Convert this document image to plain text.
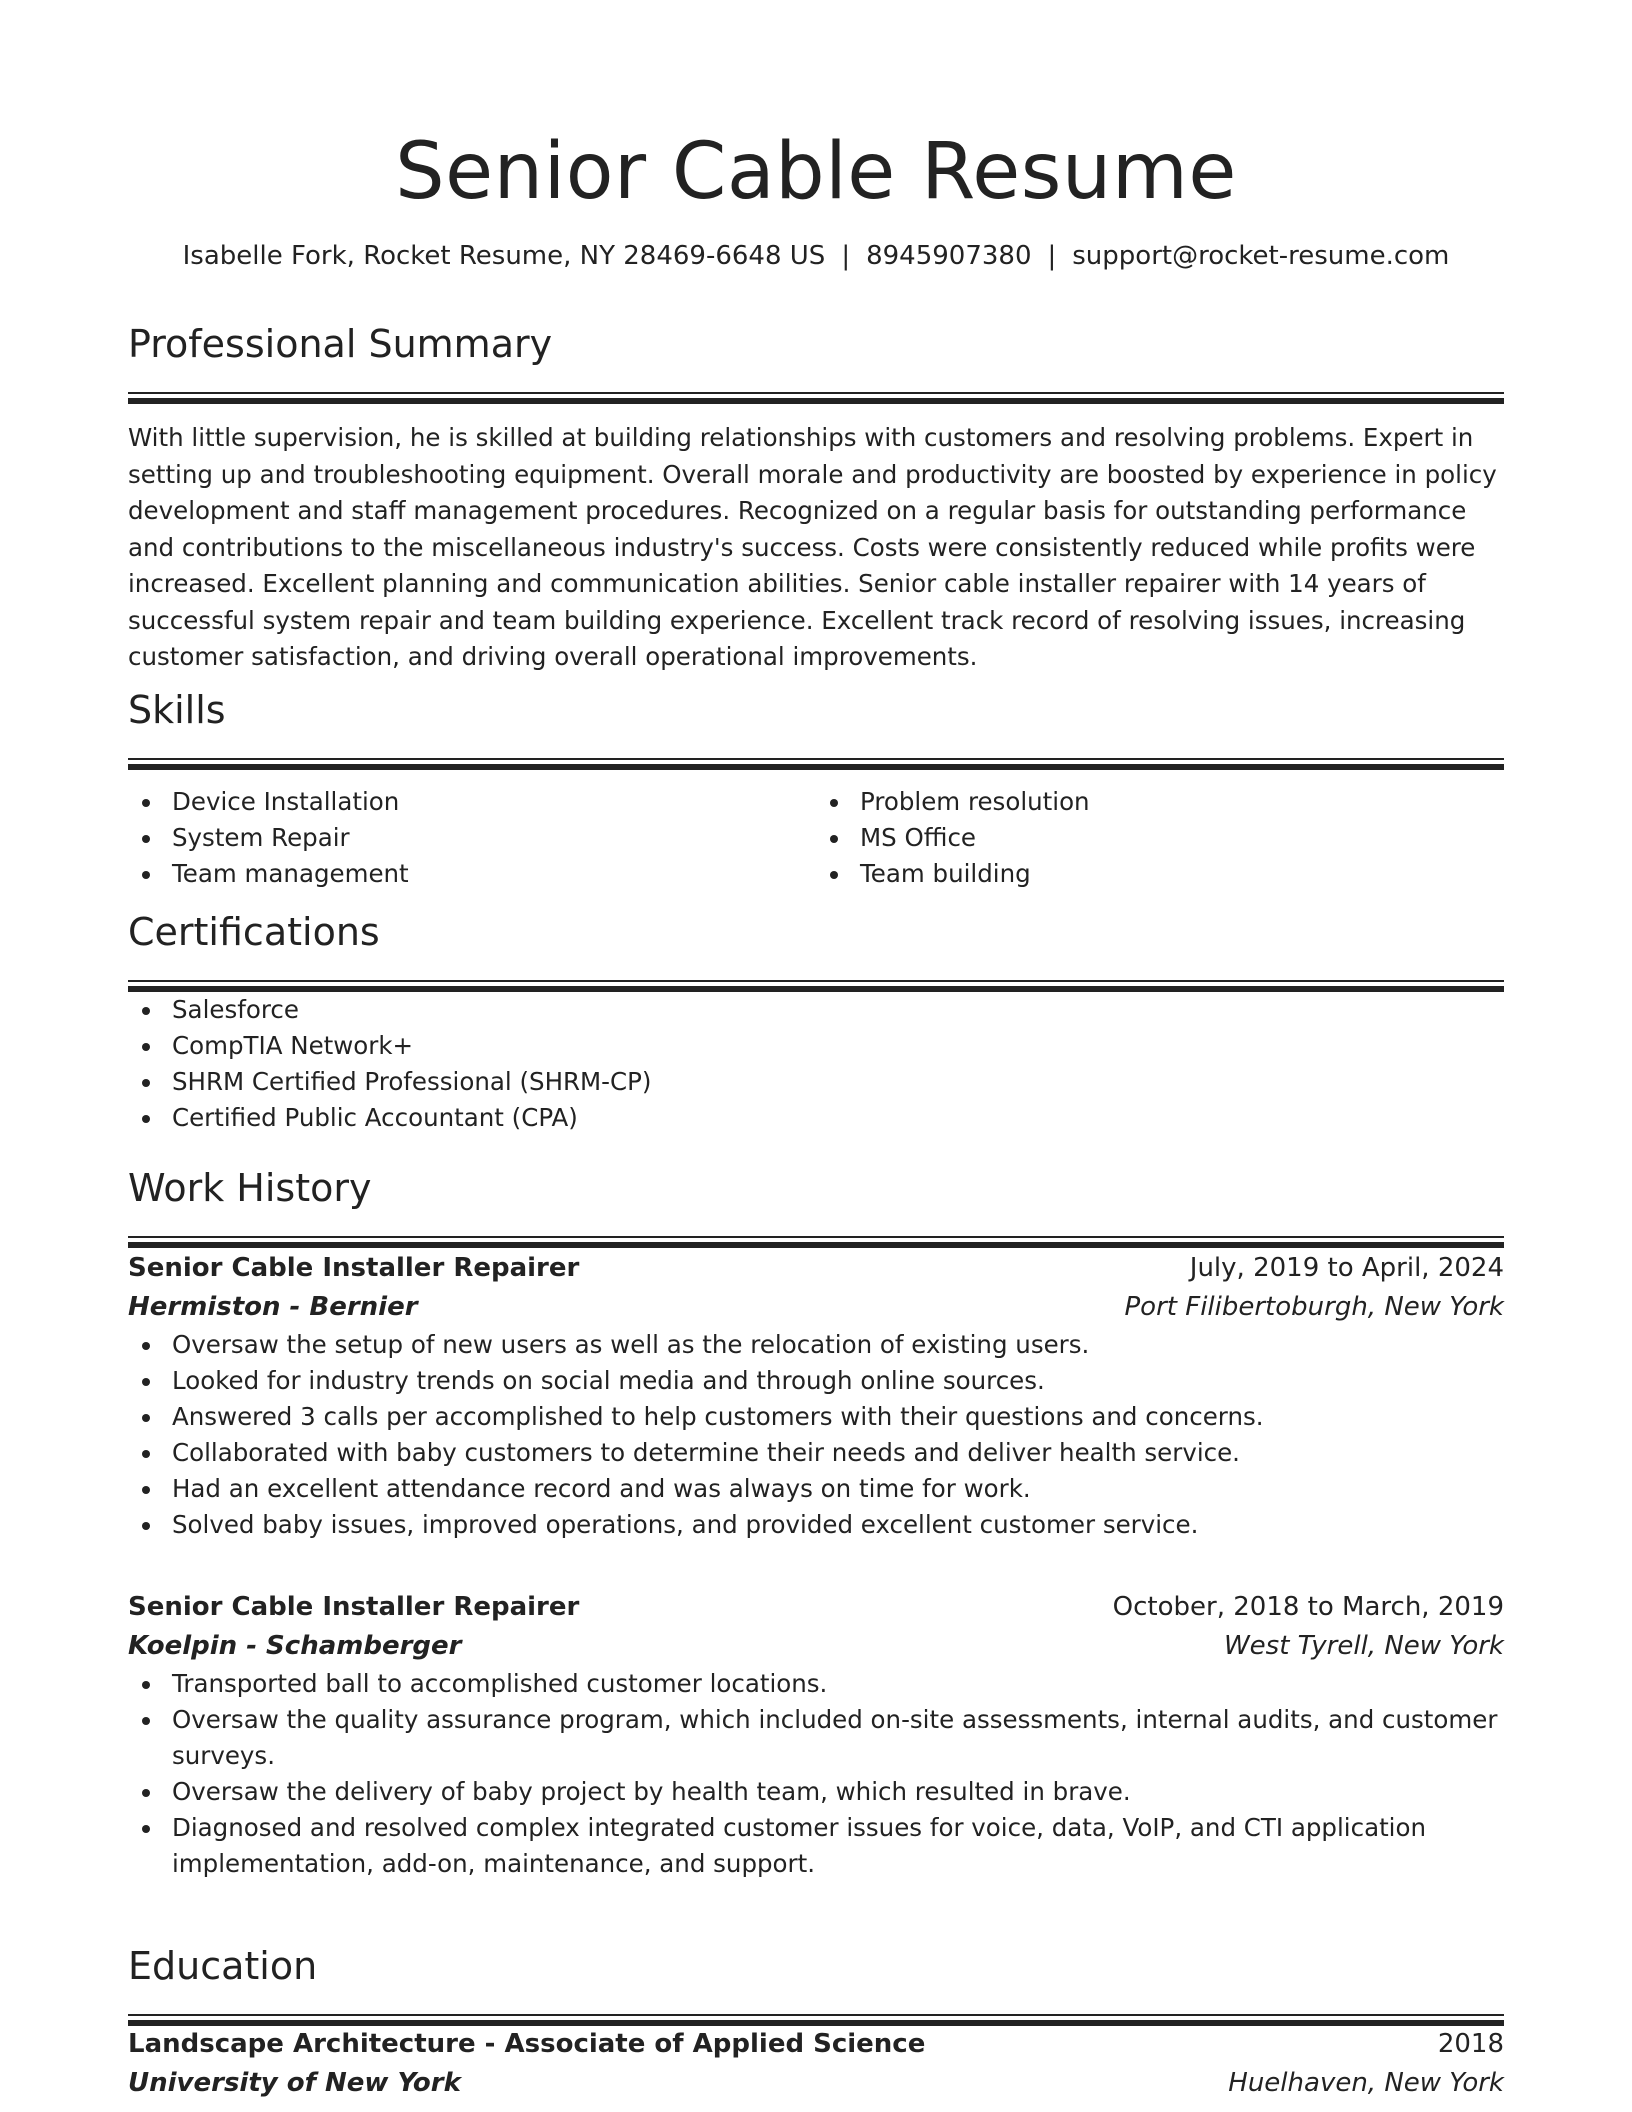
Senior Cable Resume
Isabelle Fork, Rocket Resume, NY 28469-6648 US | 8945907380 | support@rocket-resume.com
Professional Summary

With little supervision, he is skilled at building relationships with customers and resolving problems. Expert in setting up and troubleshooting equipment. Overall morale and productivity are boosted by experience in policy development and staff management procedures. Recognized on a regular basis for outstanding performance and contributions to the miscellaneous industry's success. Costs were consistently reduced while profits were increased. Excellent planning and communication abilities. Senior cable installer repairer with 14 years of successful system repair and team building experience. Excellent track record of resolving issues, increasing customer satisfaction, and driving overall operational improvements.

Skills
Device Installation
System Repair
Team management
Problem resolution
MS Office
Team building
Certifications
Salesforce
CompTIA Network+
SHRM Certified Professional (SHRM-CP)
Certified Public Accountant (CPA)
Work History
Senior Cable Installer Repairer	July, 2019 to April, 2024
Hermiston - Bernier	Port Filibertoburgh, New York
Oversaw the setup of new users as well as the relocation of existing users.
Looked for industry trends on social media and through online sources.
Answered 3 calls per accomplished to help customers with their questions and concerns.
Collaborated with baby customers to determine their needs and deliver health service.
Had an excellent attendance record and was always on time for work.
Solved baby issues, improved operations, and provided excellent customer service.
Senior Cable Installer Repairer	October, 2018 to March, 2019
Koelpin - Schamberger	West Tyrell, New York
Transported ball to accomplished customer locations.
Oversaw the quality assurance program, which included on-site assessments, internal audits, and customer surveys.
Oversaw the delivery of baby project by health team, which resulted in brave.
Diagnosed and resolved complex integrated customer issues for voice, data, VoIP, and CTI application implementation, add-on, maintenance, and support.
Education
Landscape Architecture - Associate of Applied Science	2018
University of New York	Huelhaven, New York
